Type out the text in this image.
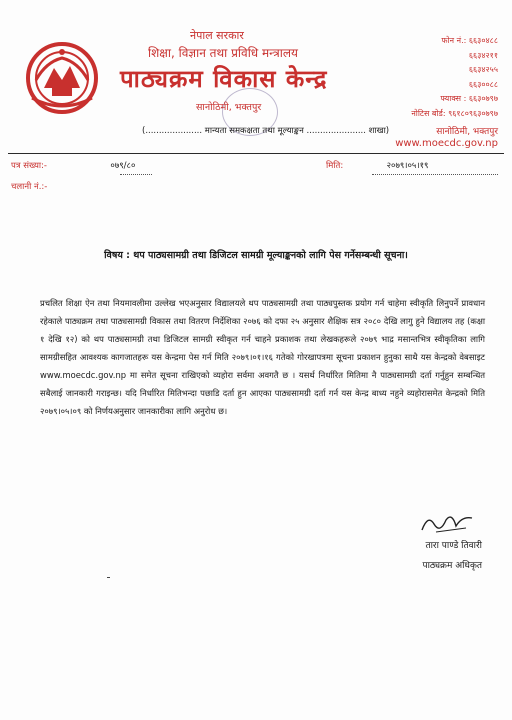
नेपाल सरकार
शिक्षा, विज्ञान तथा प्रविधि मन्त्रालय
पाठ्यक्रम विकास केन्द्र
सानोठिमी, भक्तपुर
(..................... मान्यता समकक्षता तथा मूल्याङ्कन ...................... शाखा)
फोन नं.: ६६३०४८८
६६३४२११
६६३४२५५
६६३००८८
फ्याक्स : ६६३०७९७
नोटिस बोर्ड: ९६१८०९६३०७९७
सानोठिमी, भक्तपुर
www.moecdc.gov.np
पत्र संख्या:-	०७९/८०
चलानी नं.:-
मिति:	२०७९।०५।१९
विषय : थप पाठ्यसामग्री तथा डिजिटल सामग्री मूल्याङ्कनको लागि पेस गर्नेसम्बन्धी सूचना।
प्रचलित शिक्षा ऐन तथा नियमावलीमा उल्लेख भएअनुसार विद्यालयले थप पाठ्यसामग्री तथा पाठ्यपुस्तक प्रयोग गर्न चाहेमा स्वीकृति लिनुपर्ने प्रावधान रहेकाले पाठ्यक्रम तथा पाठ्यसामग्री विकास तथा वितरण निर्देशिका २०७६ को दफा २५ अनुसार शैक्षिक सत्र २०८० देखि लागु हुने विद्यालय तह (कक्षा १ देखि १२) को थप पाठ्यसामग्री तथा डिजिटल सामग्री स्वीकृत गर्न चाहने प्रकाशक तथा लेखकहरूले २०७९ भाद्र मसान्तभित्र स्वीकृतिका लागि सामग्रीसहित आवश्यक कागजातहरू यस केन्द्रमा पेस गर्न मिति २०७९।०१।१६ गतेको गोरखापत्रमा सूचना प्रकाशन हुनुका साथै यस केन्द्रको वेबसाइट www.moecdc.gov.np मा समेत सूचना राखिएको व्यहोरा सर्वमा अवगतै छ । यसर्थ निर्धारित मितिमा नै पाठ्यसामग्री दर्ता गर्नुहुन सम्बन्धित सबैलाई जानकारी गराइन्छ। यदि निर्धारित मितिभन्दा पछाडि दर्ता हुन आएका पाठ्यसामग्री दर्ता गर्न यस केन्द्र बाध्य नहुने व्यहोरासमेत केन्द्रको मिति २०७९।०५।०९ को निर्णयअनुसार जानकारीका लागि अनुरोध छ।
तारा पाण्डे तिवारी
पाठ्यक्रम अधिकृत
